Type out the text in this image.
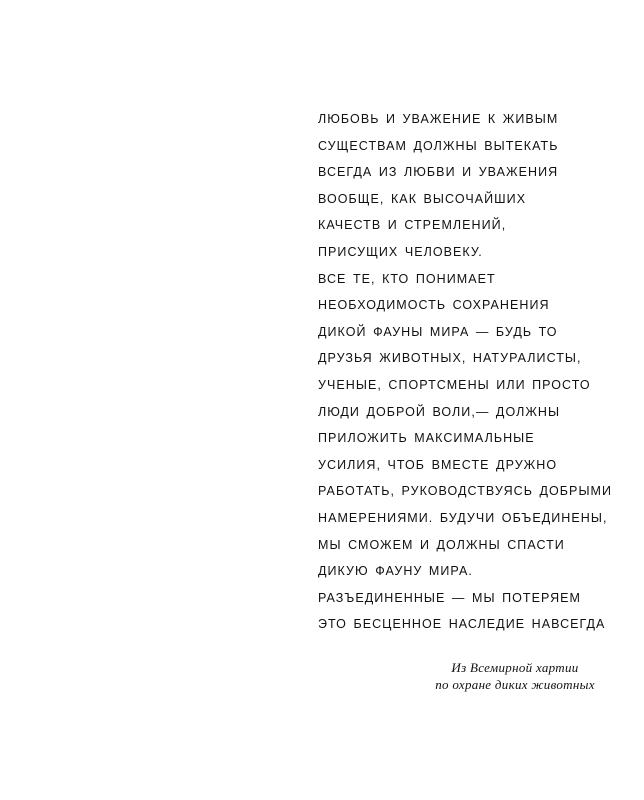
ЛЮБОВЬ И УВАЖЕНИЕ К ЖИВЫМ
СУЩЕСТВАМ ДОЛЖНЫ ВЫТЕКАТЬ
ВСЕГДА ИЗ ЛЮБВИ И УВАЖЕНИЯ
ВООБЩЕ, КАК ВЫСОЧАЙШИХ
КАЧЕСТВ И СТРЕМЛЕНИЙ,
ПРИСУЩИХ ЧЕЛОВЕКУ.
ВСЕ ТЕ, КТО ПОНИМАЕТ
НЕОБХОДИМОСТЬ СОХРАНЕНИЯ
ДИКОЙ ФАУНЫ МИРА — БУДЬ ТО
ДРУЗЬЯ ЖИВОТНЫХ, НАТУРАЛИСТЫ,
УЧЕНЫЕ, СПОРТСМЕНЫ ИЛИ ПРОСТО
ЛЮДИ ДОБРОЙ ВОЛИ,— ДОЛЖНЫ
ПРИЛОЖИТЬ МАКСИМАЛЬНЫЕ
УСИЛИЯ, ЧТОБ ВМЕСТЕ ДРУЖНО
РАБОТАТЬ, РУКОВОДСТВУЯСЬ ДОБРЫМИ
НАМЕРЕНИЯМИ. БУДУЧИ ОБЪЕДИНЕНЫ,
МЫ СМОЖЕМ И ДОЛЖНЫ СПАСТИ
ДИКУЮ ФАУНУ МИРА.
РАЗЪЕДИНЕННЫЕ — МЫ ПОТЕРЯЕМ
ЭТО БЕСЦЕННОЕ НАСЛЕДИЕ НАВСЕГДА
Из Всемирной хартии
по охране диких животных
